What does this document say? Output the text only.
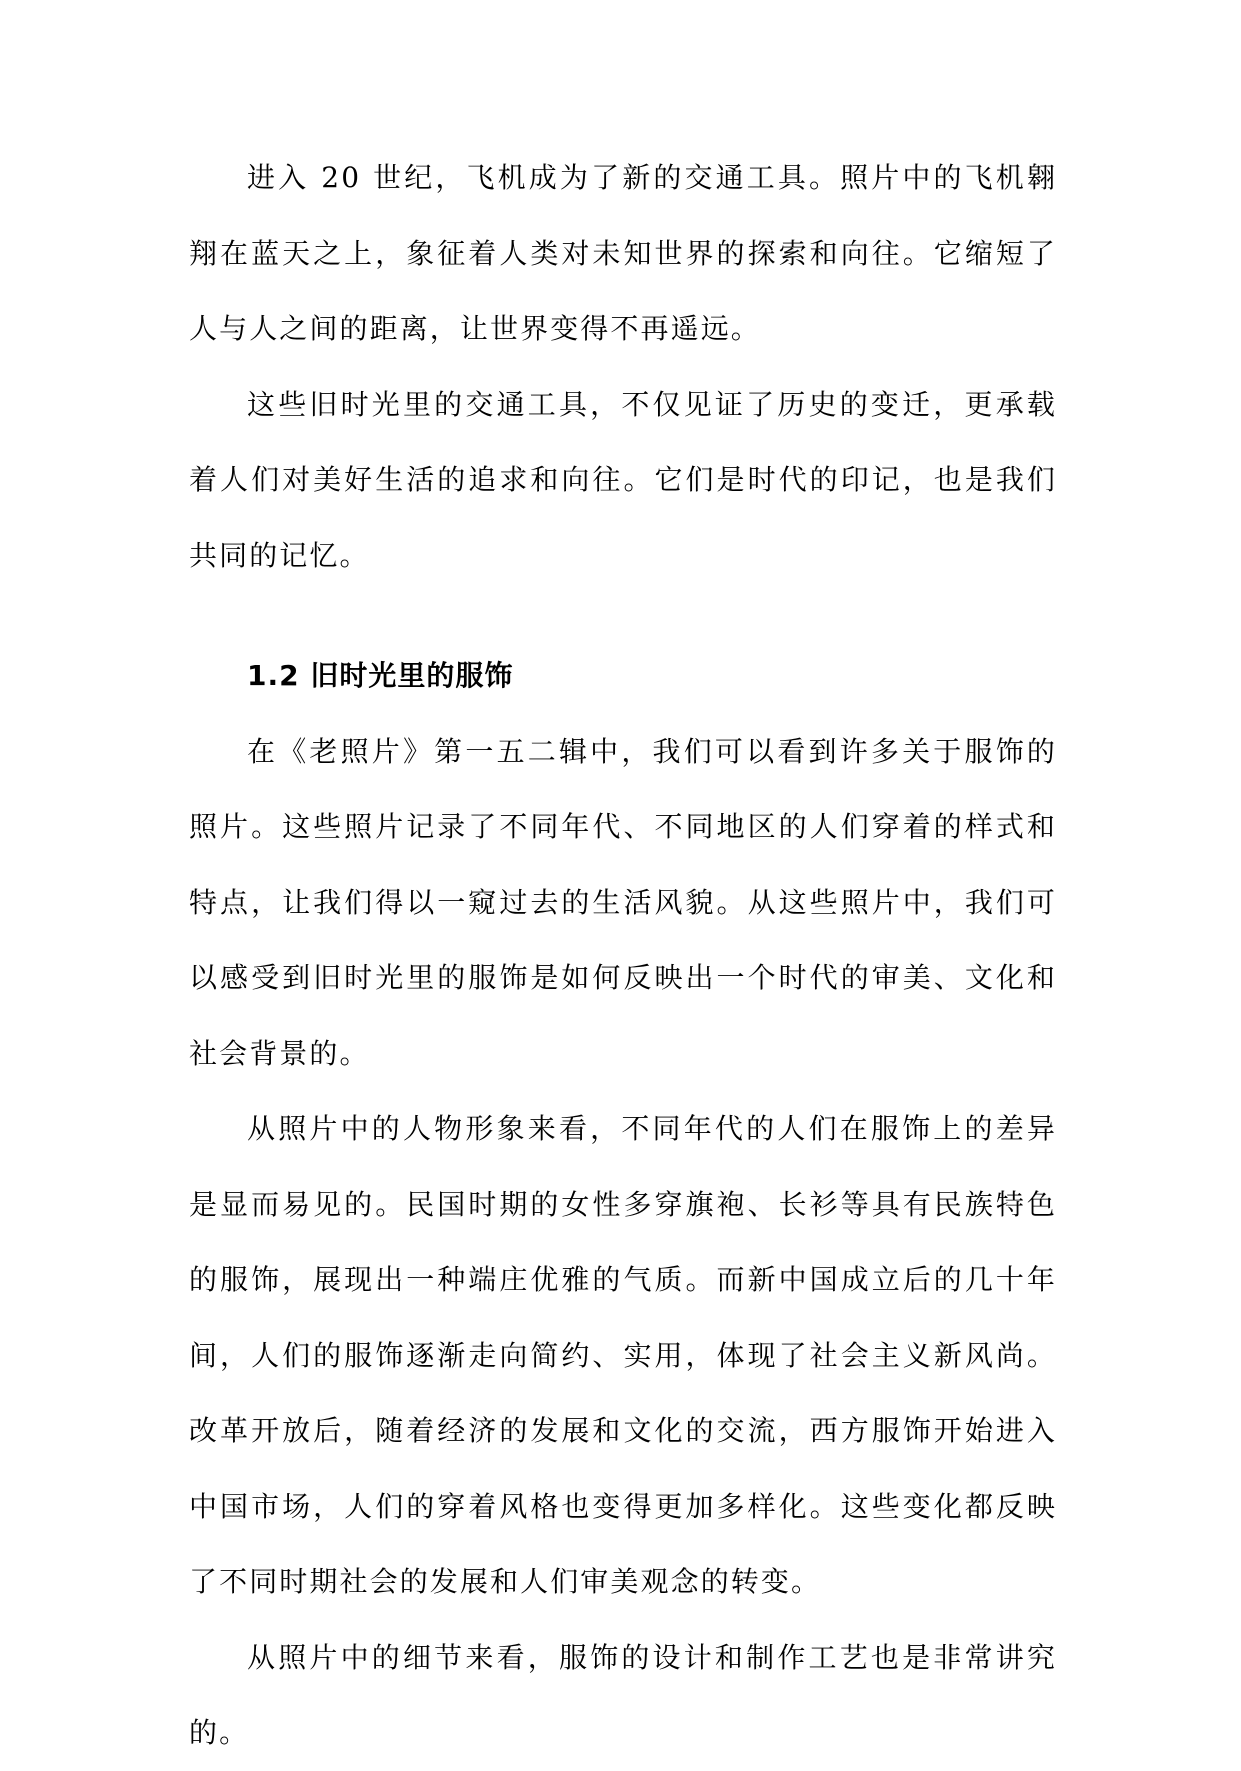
进入 20 世纪，飞机成为了新的交通工具。照片中的飞机翱翔在蓝天之上，象征着人类对未知世界的探索和向往。它缩短了人与人之间的距离，让世界变得不再遥远。

这些旧时光里的交通工具，不仅见证了历史的变迁，更承载着人们对美好生活的追求和向往。它们是时代的印记，也是我们共同的记忆。

1.2 旧时光里的服饰

在《老照片》第一五二辑中，我们可以看到许多关于服饰的照片。这些照片记录了不同年代、不同地区的人们穿着的样式和特点，让我们得以一窥过去的生活风貌。从这些照片中，我们可以感受到旧时光里的服饰是如何反映出一个时代的审美、文化和社会背景的。

从照片中的人物形象来看，不同年代的人们在服饰上的差异是显而易见的。民国时期的女性多穿旗袍、长衫等具有民族特色的服饰，展现出一种端庄优雅的气质。而新中国成立后的几十年间，人们的服饰逐渐走向简约、实用，体现了社会主义新风尚。改革开放后，随着经济的发展和文化的交流，西方服饰开始进入中国市场，人们的穿着风格也变得更加多样化。这些变化都反映了不同时期社会的发展和人们审美观念的转变。

从照片中的细节来看，服饰的设计和制作工艺也是非常讲究的。
